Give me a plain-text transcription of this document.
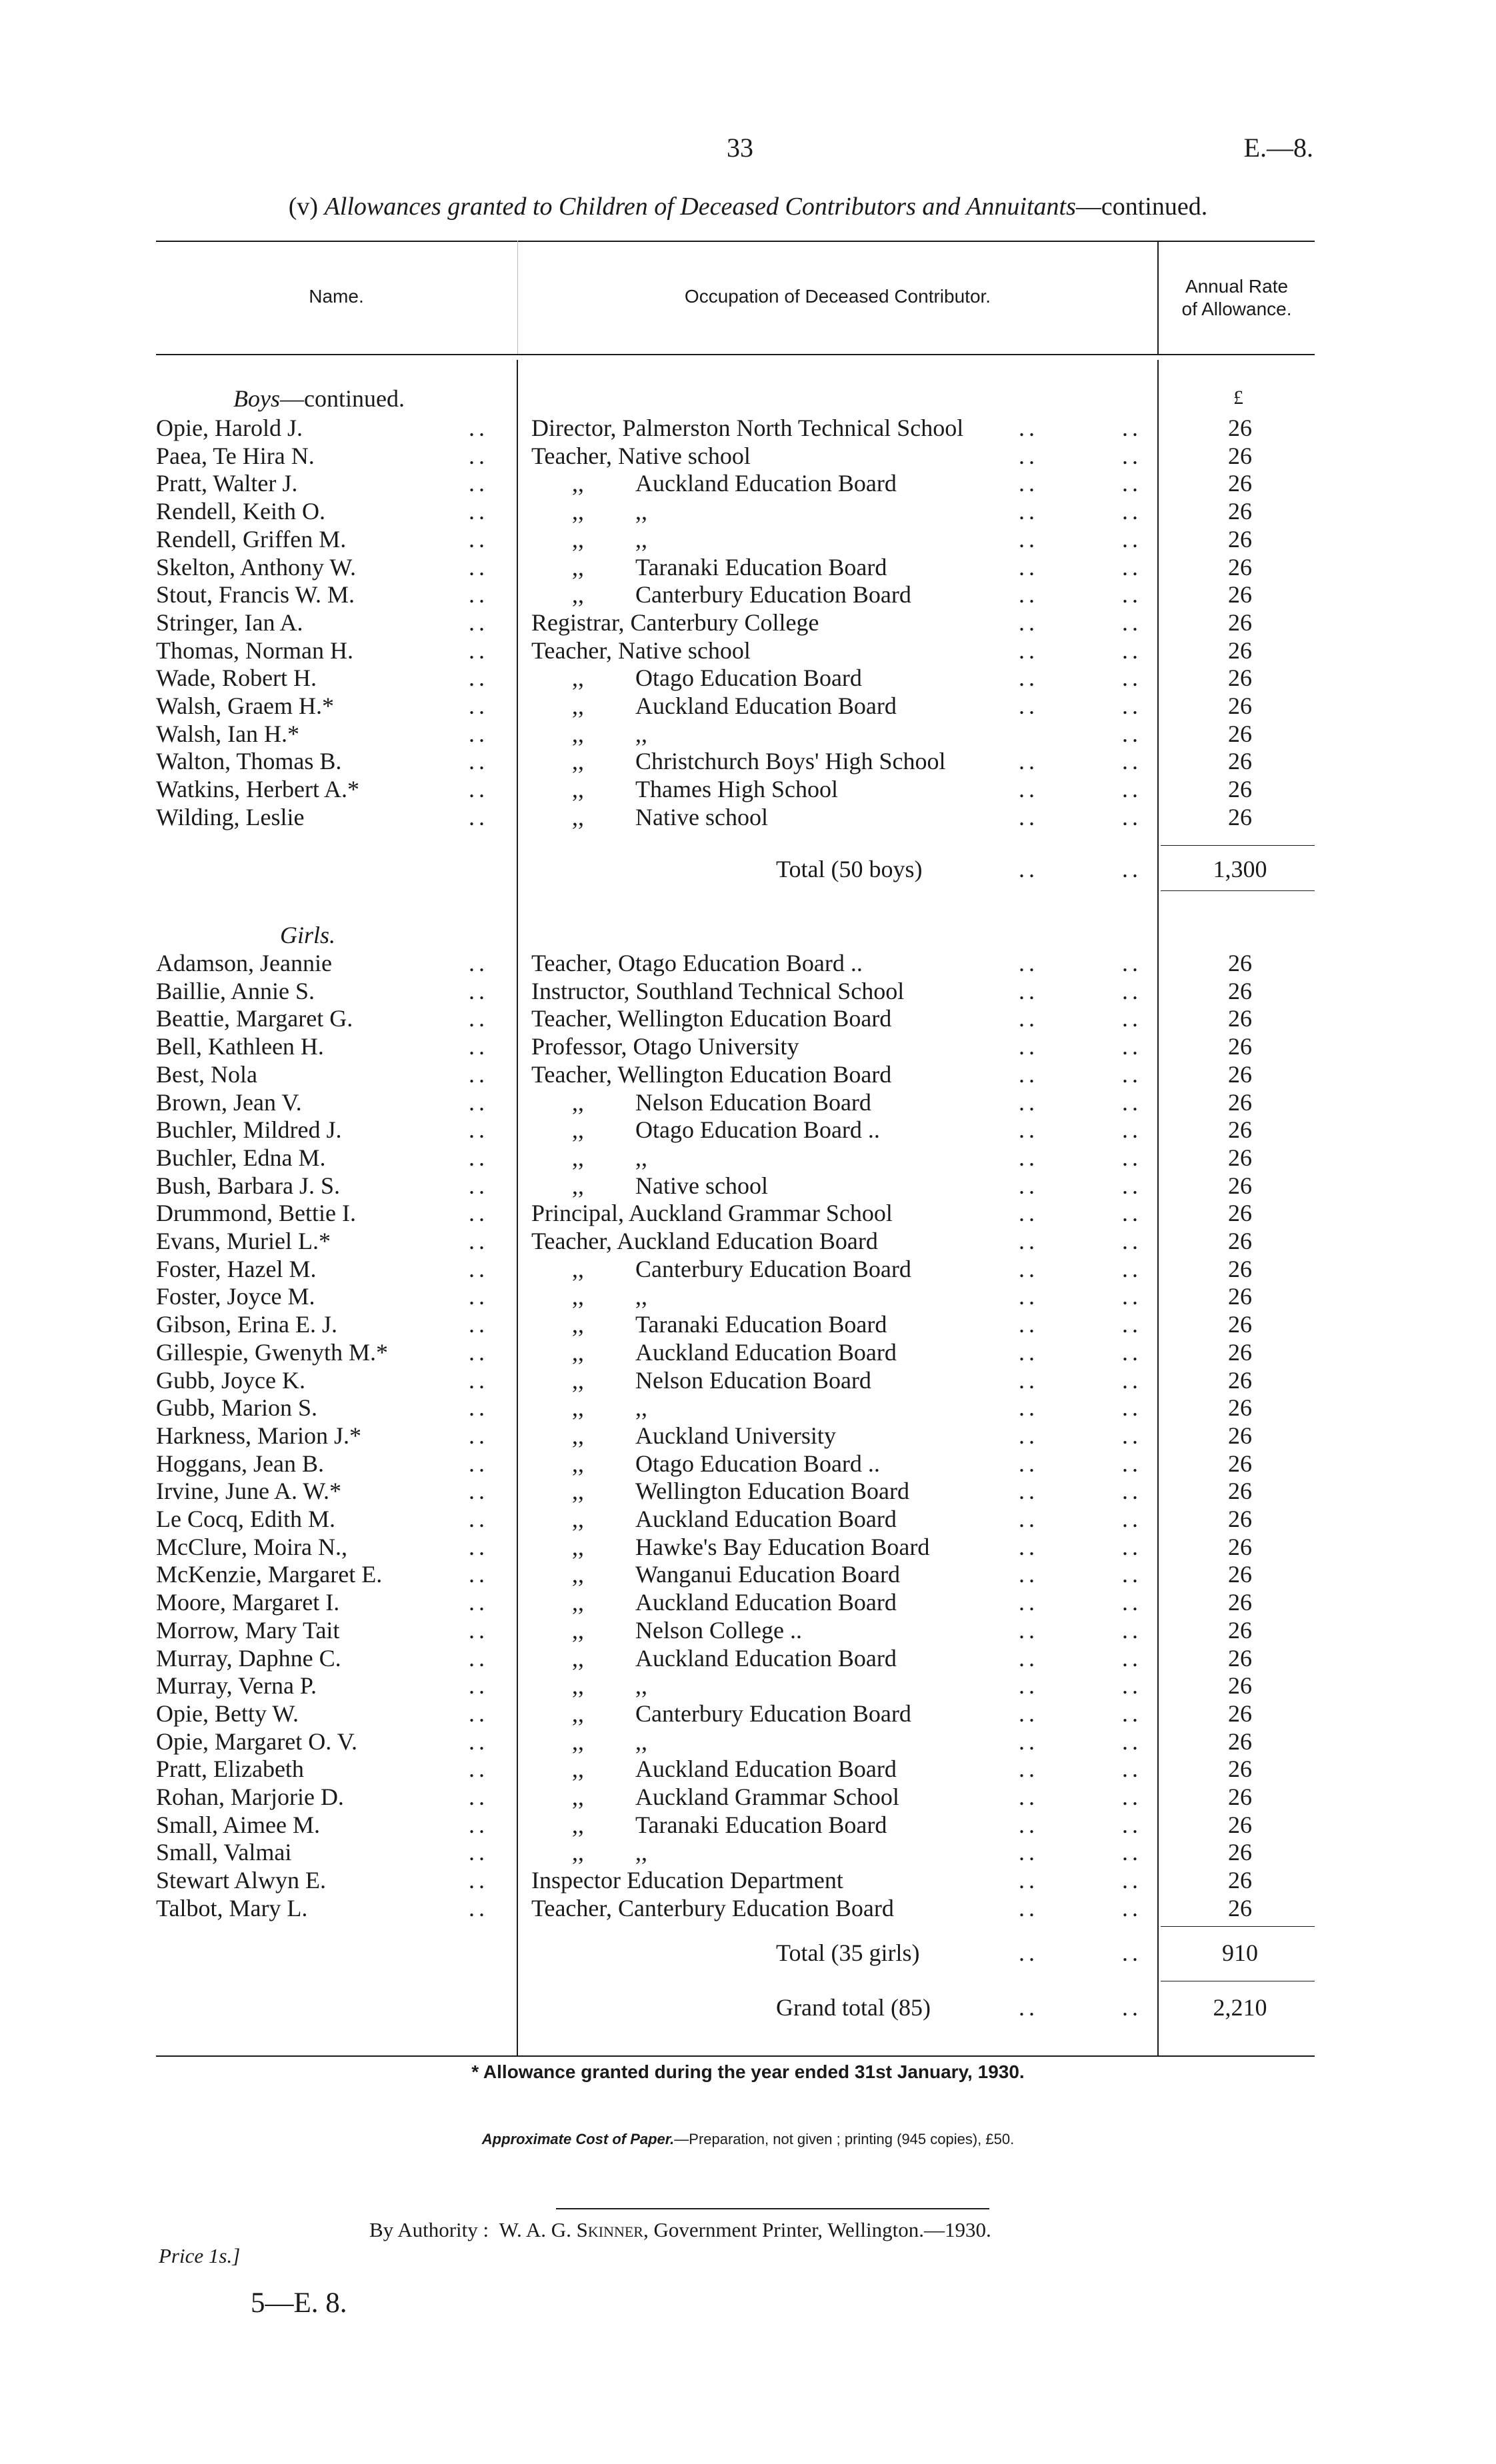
33	E.—8.
(v) Allowances granted to Children of Deceased Contributors and Annuitants—continued.
Name.	Occupation of Deceased Contributor.	Annual Rate
of Allowance.
Boys—continued.	£
Opie, Harold J.	.. Director, Palmerston North Technical School ..	..	26
Paea, Te Hira N.	.. Teacher, Native school	..	..	26
Pratt, Walter J.	..	,, Auckland Education Board	..	..	26
Rendell, Keith O.	..	,, ,,	..	..	26
Rendell, Griffen M.	..	,, ,,	..	..	26
Skelton, Anthony W.	..	,, Taranaki Education Board	..	..	26
Stout, Francis W. M.	..	,, Canterbury Education Board	..	..	26
Stringer, Ian A.	.. Registrar, Canterbury College	..	..	26
Thomas, Norman H.	.. Teacher, Native school	..	..	26
Wade, Robert H.	..	,, Otago Education Board	..	..	26
Walsh, Graem H.*	..	,, Auckland Education Board	..	..	26
Walsh, Ian H.*	..	,, ,,	..	26
Walton, Thomas B.	..	,, Christchurch Boys' High School	..	..	26
Watkins, Herbert A.*	..	,, Thames High School	..	..	26
Wilding, Leslie	..	,, Native school	..	..	26
Total (50 boys)	..	..	1,300
Girls.
Adamson, Jeannie	.. Teacher, Otago Education Board ..	..	..	26
Baillie, Annie S.	.. Instructor, Southland Technical School	..	..	26
Beattie, Margaret G.	.. Teacher, Wellington Education Board	..	..	26
Bell, Kathleen H.	.. Professor, Otago University	..	..	26
Best, Nola	.. Teacher, Wellington Education Board	..	..	26
Brown, Jean V.	..	,, Nelson Education Board	..	..	26
Buchler, Mildred J.	..	,, Otago Education Board ..	..	..	26
Buchler, Edna M.	..	,, ,,	..	..	26
Bush, Barbara J. S.	..	,, Native school	..	..	26
Drummond, Bettie I.	.. Principal, Auckland Grammar School	..	..	26
Evans, Muriel L.*	.. Teacher, Auckland Education Board	..	..	26
Foster, Hazel M.	..	,, Canterbury Education Board	..	..	26
Foster, Joyce M.	..	,, ,,	..	..	26
Gibson, Erina E. J.	..	,, Taranaki Education Board	..	..	26
Gillespie, Gwenyth M.*	..	,, Auckland Education Board	..	..	26
Gubb, Joyce K.	..	,, Nelson Education Board	..	..	26
Gubb, Marion S.	..	,, ,,	..	..	26
Harkness, Marion J.*	..	,, Auckland University	..	..	26
Hoggans, Jean B.	..	,, Otago Education Board ..	..	..	26
Irvine, June A. W.*	..	,, Wellington Education Board	..	..	26
Le Cocq, Edith M.	..	,, Auckland Education Board	..	..	26
McClure, Moira N.,	..	,, Hawke's Bay Education Board	..	..	26
McKenzie, Margaret E.	..	,, Wanganui Education Board	..	..	26
Moore, Margaret I.	..	,, Auckland Education Board	..	..	26
Morrow, Mary Tait	..	,, Nelson College ..	..	..	26
Murray, Daphne C.	..	,, Auckland Education Board	..	..	26
Murray, Verna P.	..	,, ,,	..	..	26
Opie, Betty W.	..	,, Canterbury Education Board	..	..	26
Opie, Margaret O. V.	..	,, ,,	..	..	26
Pratt, Elizabeth	..	,, Auckland Education Board	..	..	26
Rohan, Marjorie D.	..	,, Auckland Grammar School	..	..	26
Small, Aimee M.	..	,, Taranaki Education Board	..	..	26
Small, Valmai	..	,, ,,	..	..	26
Stewart Alwyn E.	.. Inspector Education Department	..	..	26
Talbot, Mary L.	.. Teacher, Canterbury Education Board	..	..	26
Total (35 girls)	..	..	910
Grand total (85)	..	..	2,210
* Allowance granted during the year ended 31st January, 1930.
Approximate Cost of Paper.—Preparation, not given ; printing (945 copies), £50.
By Authority : W. A. G. Skinner, Government Printer, Wellington.—1930.
Price 1s.]
5—E. 8.
